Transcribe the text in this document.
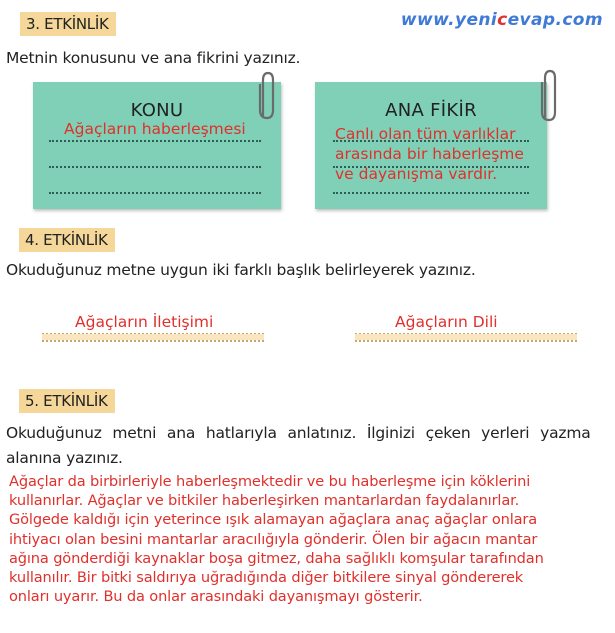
www.yenicevap.com
3. ETKİNLİK
Metnin konusunu ve ana fikrini yazınız.
KONU
Ağaçların haberleşmesi
ANA FİKİR
Canlı olan tüm varlıklar
arasında bir haberleşme
ve dayanışma vardır.
4. ETKİNLİK
Okuduğunuz metne uygun iki farklı başlık belirleyerek yazınız.
Ağaçların İletişimi	Ağaçların Dili
5. ETKİNLİK
Okuduğunuz metni ana hatlarıyla anlatınız. İlginizi çeken yerleri yazma
alanına yazınız.
Ağaçlar da birbirleriyle haberleşmektedir ve bu haberleşme için köklerini
kullanırlar. Ağaçlar ve bitkiler haberleşirken mantarlardan faydalanırlar.
Gölgede kaldığı için yeterince ışık alamayan ağaçlara anaç ağaçlar onlara
ihtiyacı olan besini mantarlar aracılığıyla gönderir. Ölen bir ağacın mantar
ağına gönderdiği kaynaklar boşa gitmez, daha sağlıklı komşular tarafından
kullanılır. Bir bitki saldırıya uğradığında diğer bitkilere sinyal göndererek
onları uyarır. Bu da onlar arasındaki dayanışmayı gösterir.
